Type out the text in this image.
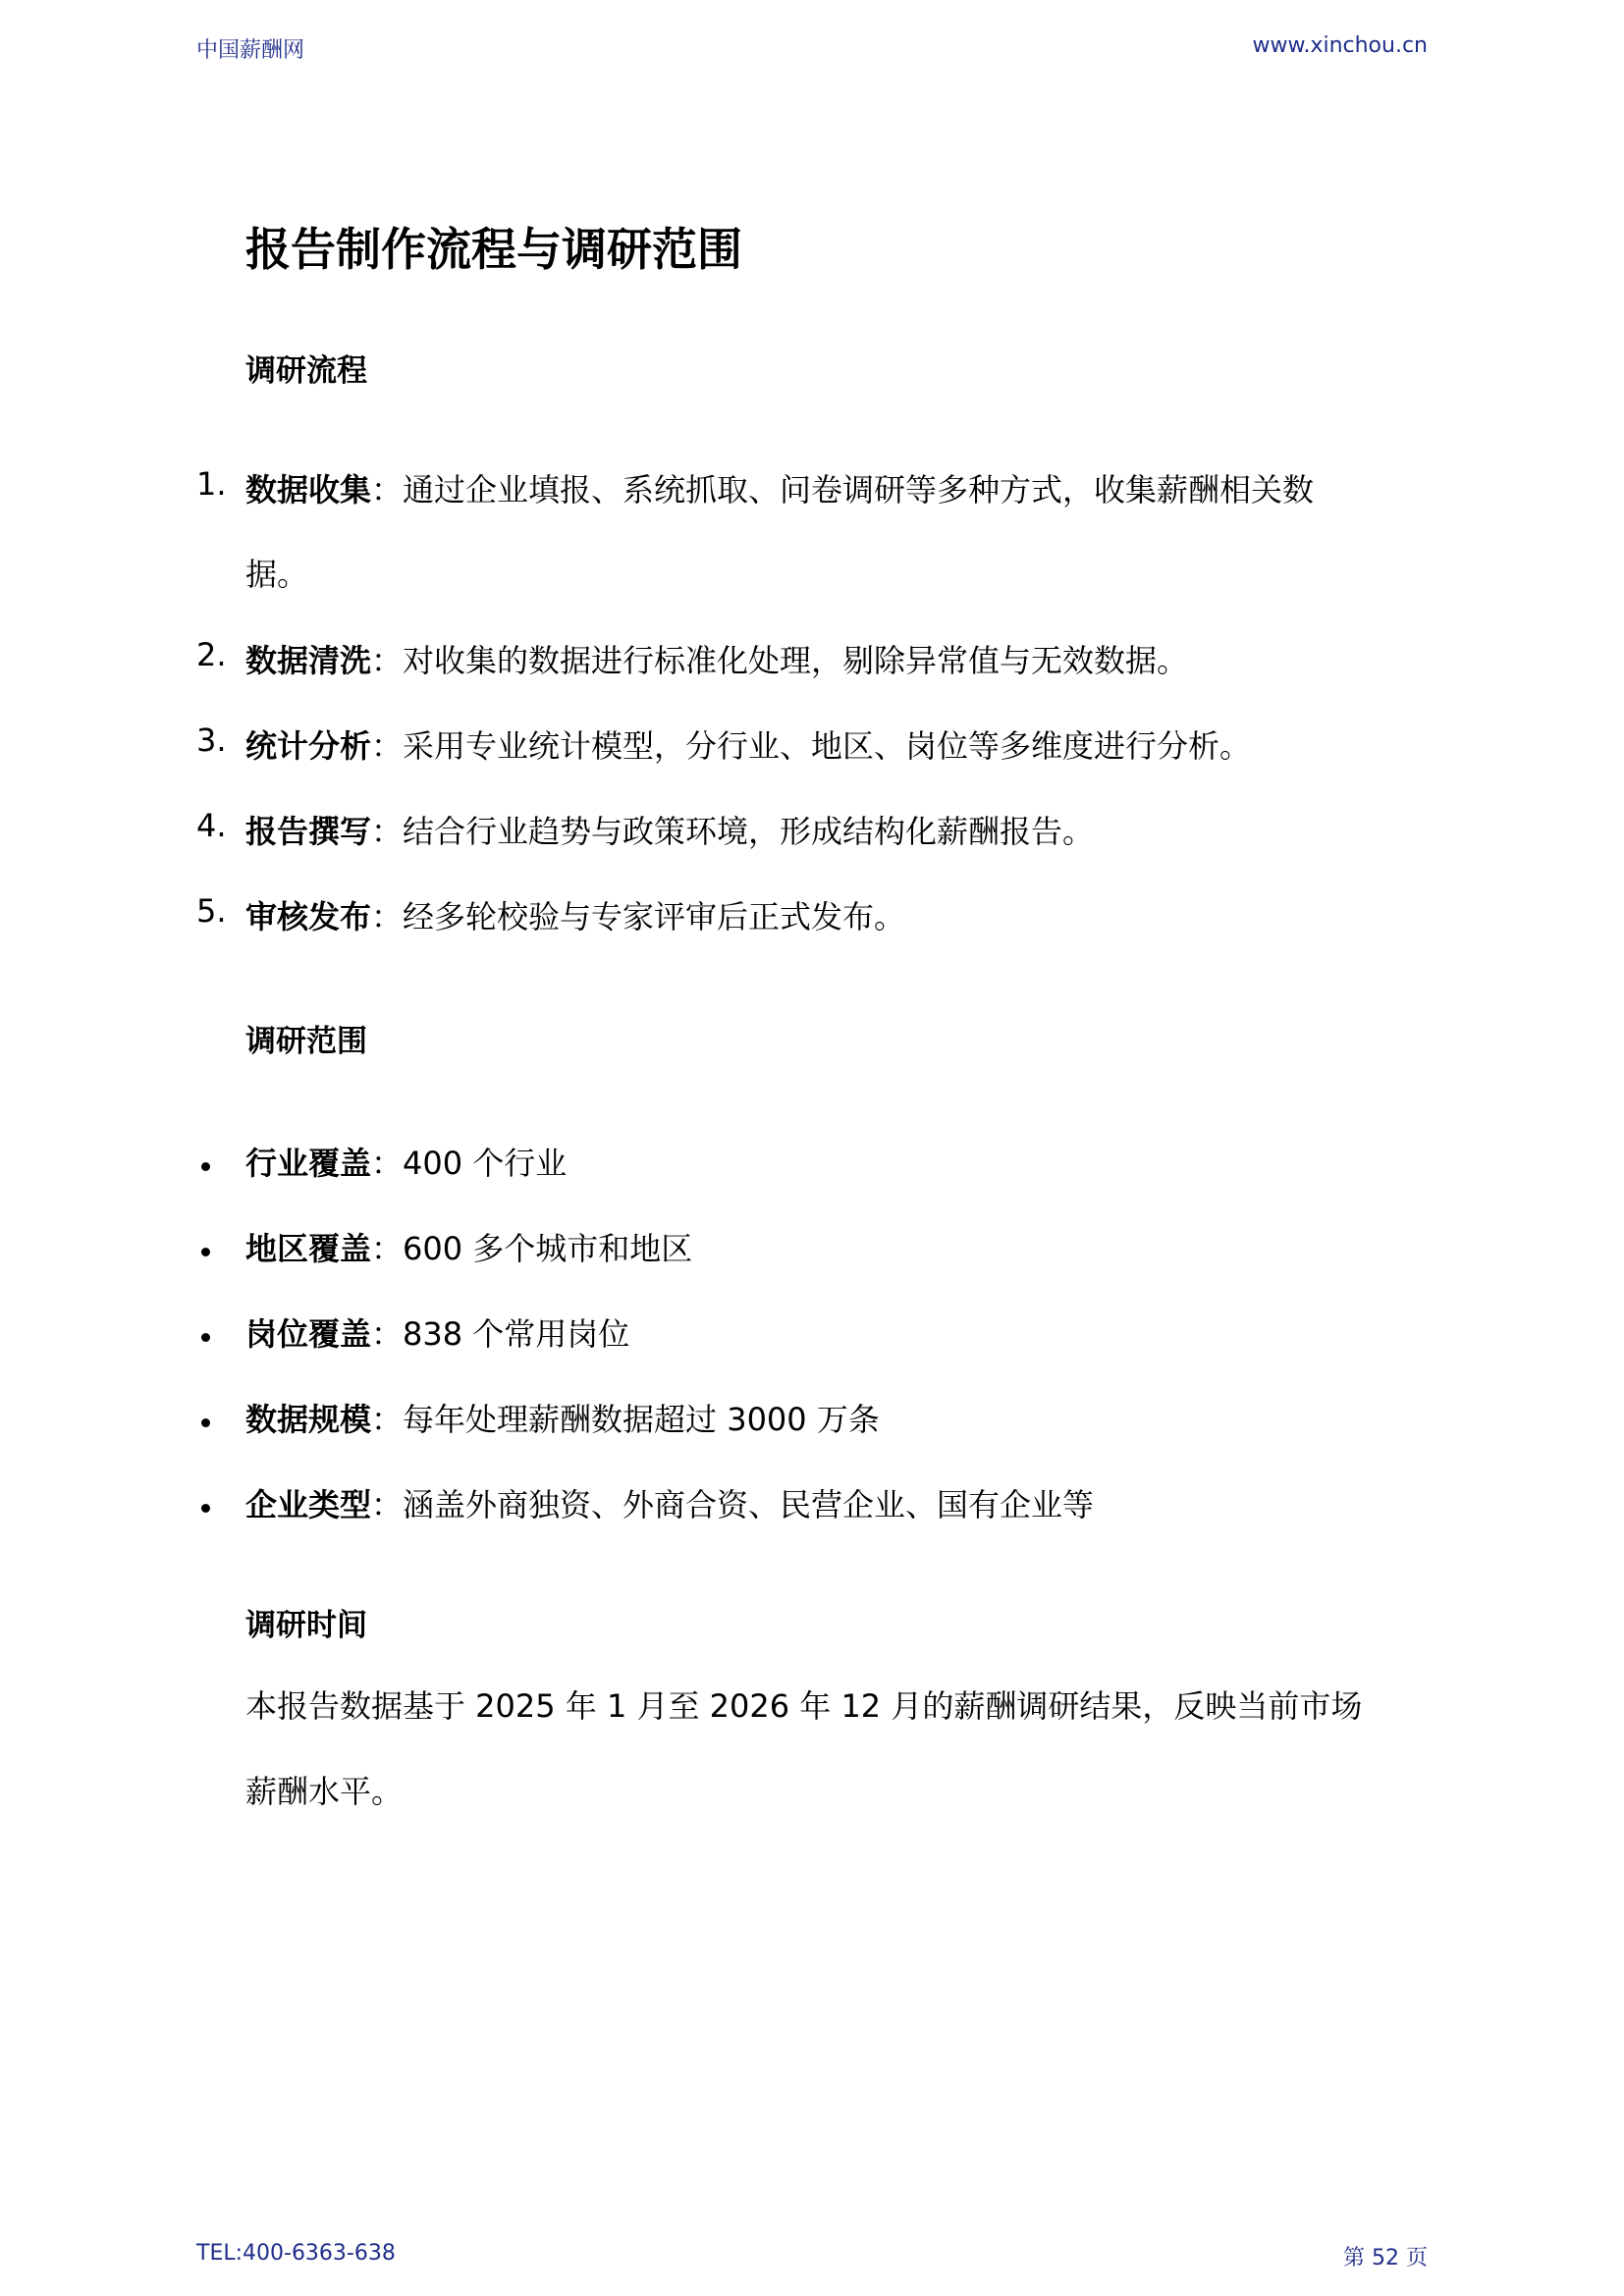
中国薪酬网	www.xinchou.cn
报告制作流程与调研范围
调研流程
1. 数据收集：通过企业填报、系统抓取、问卷调研等多种方式，收集薪酬相关数
据。
2. 数据清洗：对收集的数据进行标准化处理，剔除异常值与无效数据。
3. 统计分析：采用专业统计模型，分行业、地区、岗位等多维度进行分析。
4. 报告撰写：结合行业趋势与政策环境，形成结构化薪酬报告。
5. 审核发布：经多轮校验与专家评审后正式发布。
调研范围
行业覆盖：400 个行业
地区覆盖：600 多个城市和地区
岗位覆盖：838 个常用岗位
数据规模：每年处理薪酬数据超过 3000 万条
企业类型：涵盖外商独资、外商合资、民营企业、国有企业等
调研时间
本报告数据基于 2025 年 1 月至 2026 年 12 月的薪酬调研结果，反映当前市场
薪酬水平。
TEL:400-6363-638	第 52 页
